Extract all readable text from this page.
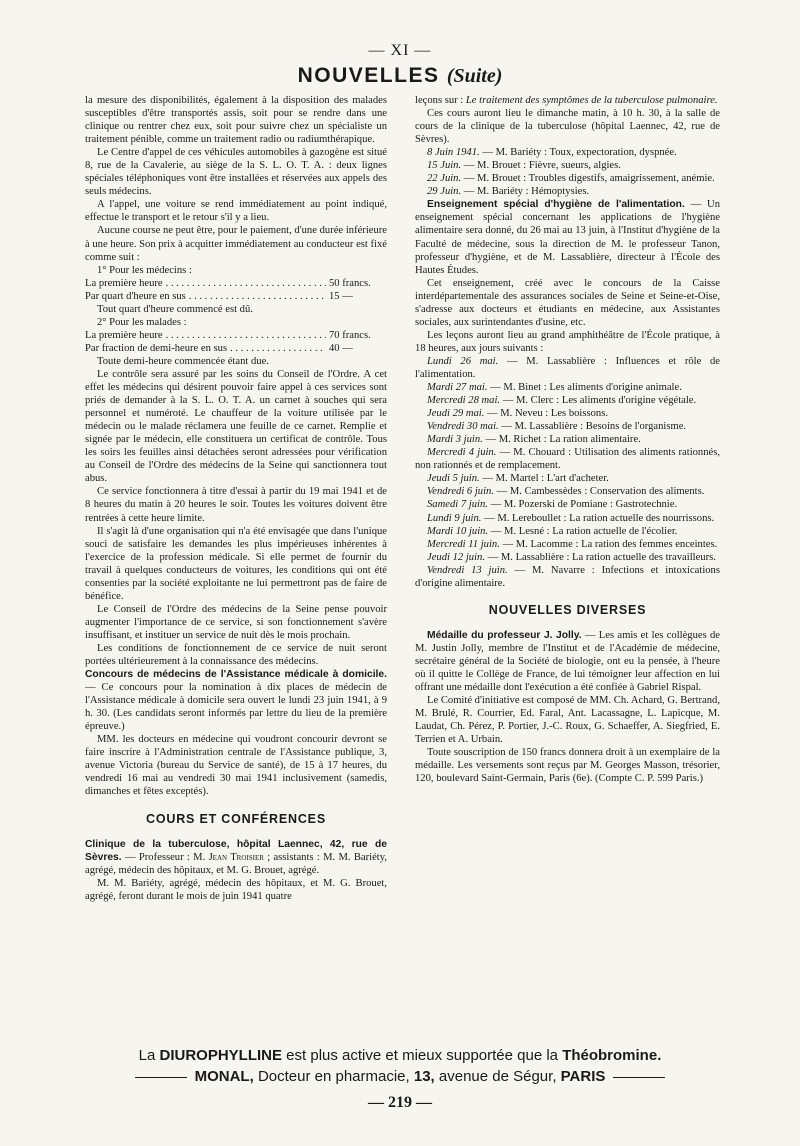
— XI —
NOUVELLES (Suite)

la mesure des disponibilités, également à la disposition des malades susceptibles d'être transportés assis, soit pour se rendre dans une clinique ou rentrer chez eux, soit pour suivre chez un spécialiste un traitement pénible, comme un traitement radio ou radiumthérapique.

Le Centre d'appel de ces véhicules automobiles à gazogène est situé 8, rue de la Cavalerie, au siège de la S. L. O. T. A. : deux lignes spéciales téléphoniques vont être installées et réservées aux appels des seuls médecins.

A l'appel, une voiture se rend immédiatement au point indiqué, effectue le transport et le retour s'il y a lieu.

Aucune course ne peut être, pour le paiement, d'une durée inférieure à une heure. Son prix à acquitter immédiatement au conducteur est fixé comme suit :

1° Pour les médecins :

La première heure . . .	50 francs.
Par quart d'heure en sus . . .	15 —

Tout quart d'heure commencé est dû.

2° Pour les malades :

La première heure . . .	70 francs.
Par fraction de demi-heure en sus . . .	40 —

Toute demi-heure commencée étant due.

Le contrôle sera assuré par les soins du Conseil de l'Ordre. A cet effet les médecins qui désirent pouvoir faire appel à ces services sont priés de demander à la S. L. O. T. A. un carnet à souches qui sera personnel et numéroté. Le chauffeur de la voiture utilisée par le médecin ou le malade réclamera une feuille de ce carnet. Remplie et signée par le médecin, elle constituera un certificat de contrôle. Tous les soirs les feuilles ainsi détachées seront adressées pour vérification au Conseil de l'Ordre des médecins de la Seine qui sanctionnera tout abus.

Ce service fonctionnera à titre d'essai à partir du 19 mai 1941 et de 8 heures du matin à 20 heures le soir. Toutes les voitures doivent être rentrées à cette heure limite.

Il s'agit là d'une organisation qui n'a été envisagée que dans l'unique souci de satisfaire les demandes les plus impérieuses inhérentes à l'exercice de la profession médicale. Si elle permet de fournir du travail à quelques conducteurs de voitures, les conditions qui ont été consenties par la société exploitante ne lui permettront pas de faire de bénéfice.

Le Conseil de l'Ordre des médecins de la Seine pense pouvoir augmenter l'importance de ce service, si son fonctionnement s'avère insuffisant, et instituer un service de nuit dès le mois prochain.

Les conditions de fonctionnement de ce service de nuit seront portées ultérieurement à la connaissance des médecins.

Concours de médecins de l'Assistance médicale à domicile. — Ce concours pour la nomination à dix places de médecin de l'Assistance médicale à domicile sera ouvert le lundi 23 juin 1941, à 9 h. 30. (Les candidats seront informés par lettre du lieu de la première épreuve.)

MM. les docteurs en médecine qui voudront concourir devront se faire inscrire à l'Administration centrale de l'Assistance publique, 3, avenue Victoria (bureau du Service de santé), de 15 à 17 heures, du vendredi 16 mai au vendredi 30 mai 1941 inclusivement (samedis, dimanches et fêtes exceptés).

COURS ET CONFÉRENCES

Clinique de la tuberculose, hôpital Laennec, 42, rue de Sèvres. — Professeur : M. Jean Troisier ; assistants : M. M. Bariéty, agrégé, médecin des hôpitaux, et M. G. Brouet, agrégé.

M. M. Bariéty, agrégé, médecin des hôpitaux, et M. G. Brouet, agrégé, feront durant le mois de juin 1941 quatre

leçons sur : Le traitement des symptômes de la tuberculose pulmonaire.

Ces cours auront lieu le dimanche matin, à 10 h. 30, à la salle de cours de la clinique de la tuberculose (hôpital Laennec, 42, rue de Sèvres).

8 Juin 1941. — M. Bariéty : Toux, expectoration, dyspnée.

15 Juin. — M. Brouet : Fièvre, sueurs, algies.

22 Juin. — M. Brouet : Troubles digestifs, amaigrissement, anémie.

29 Juin. — M. Bariéty : Hémoptysies.

Enseignement spécial d'hygiène de l'alimentation. — Un enseignement spécial concernant les applications de l'hygiène alimentaire sera donné, du 26 mai au 13 juin, à l'Institut d'hygiène de la Faculté de médecine, sous la direction de M. le professeur Tanon, professeur d'hygiène, et de M. Lassablière, directeur à l'École des Hautes Études.

Cet enseignement, créé avec le concours de la Caisse interdépartementale des assurances sociales de Seine et Seine-et-Oise, s'adresse aux docteurs et étudiants en médecine, aux Assistantes sociales, aux surintendantes d'usine, etc.

Les leçons auront lieu au grand amphithéâtre de l'École pratique, à 18 heures, aux jours suivants :

Lundi 26 mai. — M. Lassablière : Influences et rôle de l'alimentation.

Mardi 27 mai. — M. Binet : Les aliments d'origine animale.

Mercredi 28 mai. — M. Clerc : Les aliments d'origine végétale.

Jeudi 29 mai. — M. Neveu : Les boissons.

Vendredi 30 mai. — M. Lassablière : Besoins de l'organisme.

Mardi 3 juin. — M. Richet : La ration alimentaire.

Mercredi 4 juin. — M. Chouard : Utilisation des aliments rationnés, non rationnés et de remplacement.

Jeudi 5 juin. — M. Martel : L'art d'acheter.

Vendredi 6 juin. — M. Cambessèdes : Conservation des aliments.

Samedi 7 juin. — M. Pozerski de Pomiane : Gastrotechnie.

Lundi 9 juin. — M. Lereboullet : La ration actuelle des nourrissons.

Mardi 10 juin. — M. Lesné : La ration actuelle de l'écolier.

Mercredi 11 juin. — M. Lacomme : La ration des femmes enceintes.

Jeudi 12 juin. — M. Lassablière : La ration actuelle des travailleurs.

Vendredi 13 juin. — M. Navarre : Infections et intoxications d'origine alimentaire.

NOUVELLES DIVERSES

Médaille du professeur J. Jolly. — Les amis et les collègues de M. Justin Jolly, membre de l'Institut et de l'Académie de médecine, secrétaire général de la Société de biologie, ont eu la pensée, à l'heure où il quitte le Collège de France, de lui témoigner leur affection en lui offrant une médaille dont l'exécution a été confiée à Gabriel Rispal.

Le Comité d'initiative est composé de MM. Ch. Achard, G. Bertrand, M. Brulé, R. Courrier, Ed. Faral, Ant. Lacassagne, L. Lapicque, M. Laudat, Ch. Pérez, P. Portier, J.-C. Roux, G. Schaeffer, A. Siegfried, E. Terrien et A. Urbain.

Toute souscription de 150 francs donnera droit à un exemplaire de la médaille. Les versements sont reçus par M. Georges Masson, trésorier, 120, boulevard Saint-Germain, Paris (6e). (Compte C. P. 599 Paris.)

La DIUROPHYLLINE est plus active et mieux supportée que la Théobromine.
MONAL, Docteur en pharmacie, 13, avenue de Ségur, PARIS
— 219 —
